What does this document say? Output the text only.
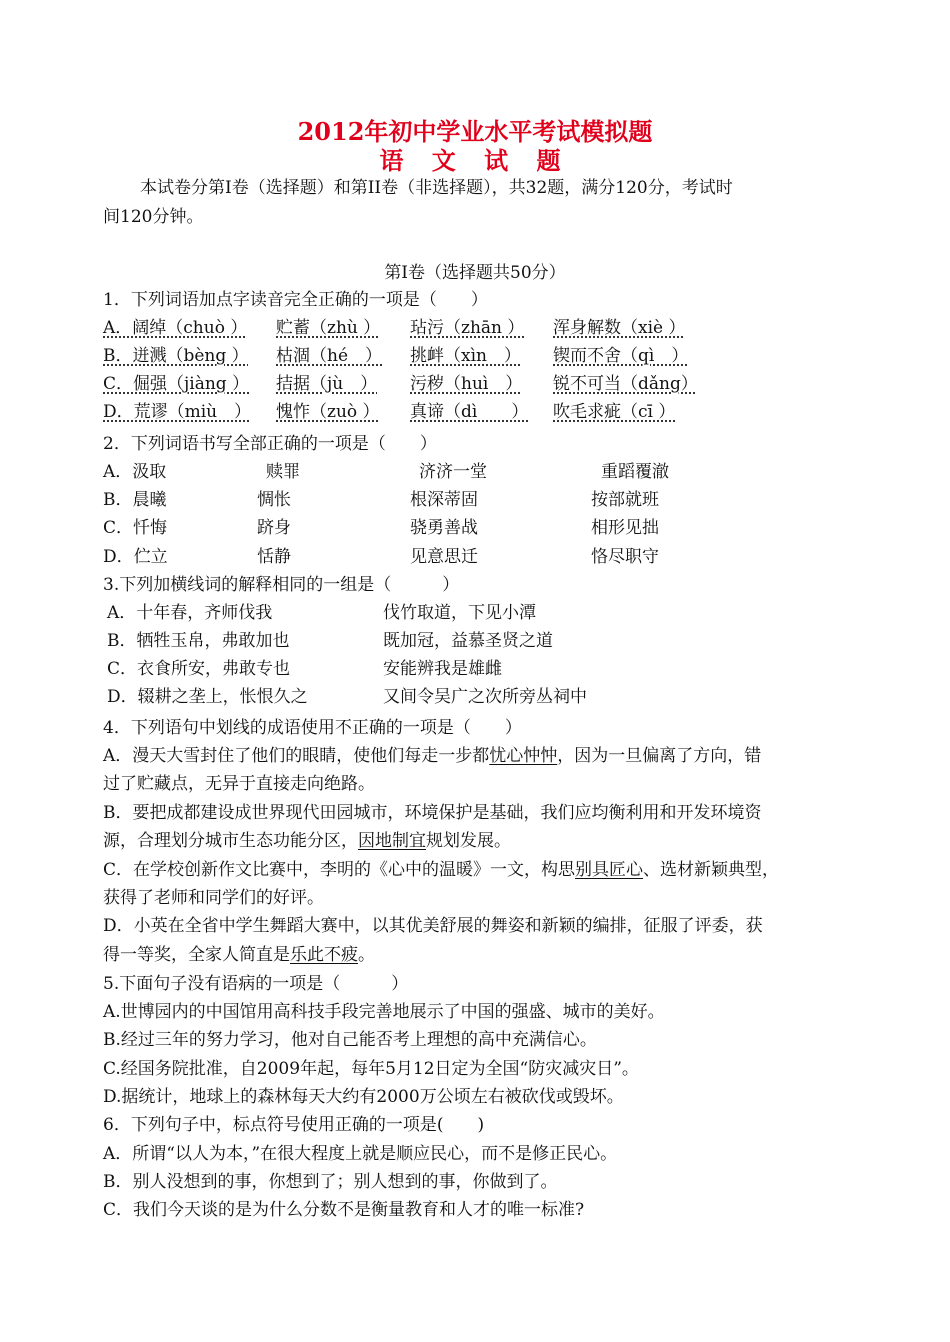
2012年初中学业水平考试模拟题
语 文 试 题
本试卷分第I卷（选择题）和第II卷（非选择题），共32题，满分120分，考试时
间120分钟。
第I卷（选择题共50分）
1．下列词语加点字读音完全正确的一项是（　　）
A．阔绰（chuò ） 贮蓄（zhù ） 玷污（zhān ） 浑身解数（xiè ）
B．迸溅（bèng ） 枯涸（hé　） 挑衅（xìn　） 锲而不舍（qì　）
C．倔强（jiàng ） 拮据（jù　） 污秽（huì　） 锐不可当（dǎng）
D．荒谬（miù　） 愧怍（zuò ） 真谛（dì　　） 吹毛求疵（cī ）
2．下列词语书写全部正确的一项是（　　）
A．汲取	赎罪	济济一堂	重蹈覆澈
B．晨曦	惆怅	根深蒂固	按部就班
C．忏悔	跻身	骁勇善战	相形见拙
D．伫立	恬静	见意思迁	恪尽职守
3.下列加横线词的解释相同的一组是（　　　）
A．十年春，齐师伐我	伐竹取道，下见小潭
B．牺牲玉帛，弗敢加也	既加冠，益慕圣贤之道
C．衣食所安，弗敢专也	安能辨我是雄雌
D．辍耕之垄上，怅恨久之	又间令吴广之次所旁丛祠中
4．下列语句中划线的成语使用不正确的一项是（　　）
A．漫天大雪封住了他们的眼睛，使他们每走一步都忧心忡忡，因为一旦偏离了方向，错
过了贮藏点，无异于直接走向绝路。
B．要把成都建设成世界现代田园城市，环境保护是基础，我们应均衡利用和开发环境资
源，合理划分城市生态功能分区，因地制宜规划发展。
C．在学校创新作文比赛中，李明的《心中的温暖》一文，构思别具匠心、选材新颖典型，
获得了老师和同学们的好评。
D．小英在全省中学生舞蹈大赛中，以其优美舒展的舞姿和新颖的编排，征服了评委，获
得一等奖，全家人简直是乐此不疲。
5.下面句子没有语病的一项是（　　　）
A.世博园内的中国馆用高科技手段完善地展示了中国的强盛、城市的美好。
B.经过三年的努力学习，他对自己能否考上理想的高中充满信心。
C.经国务院批准，自2009年起，每年5月12日定为全国“防灾减灾日”。
D.据统计，地球上的森林每天大约有2000万公顷左右被砍伐或毁坏。
6．下列句子中，标点符号使用正确的一项是(　　)
A．所谓“以人为本，”在很大程度上就是顺应民心，而不是修正民心。
B．别人没想到的事，你想到了；别人想到的事，你做到了。
C．我们今天谈的是为什么分数不是衡量教育和人才的唯一标准?
